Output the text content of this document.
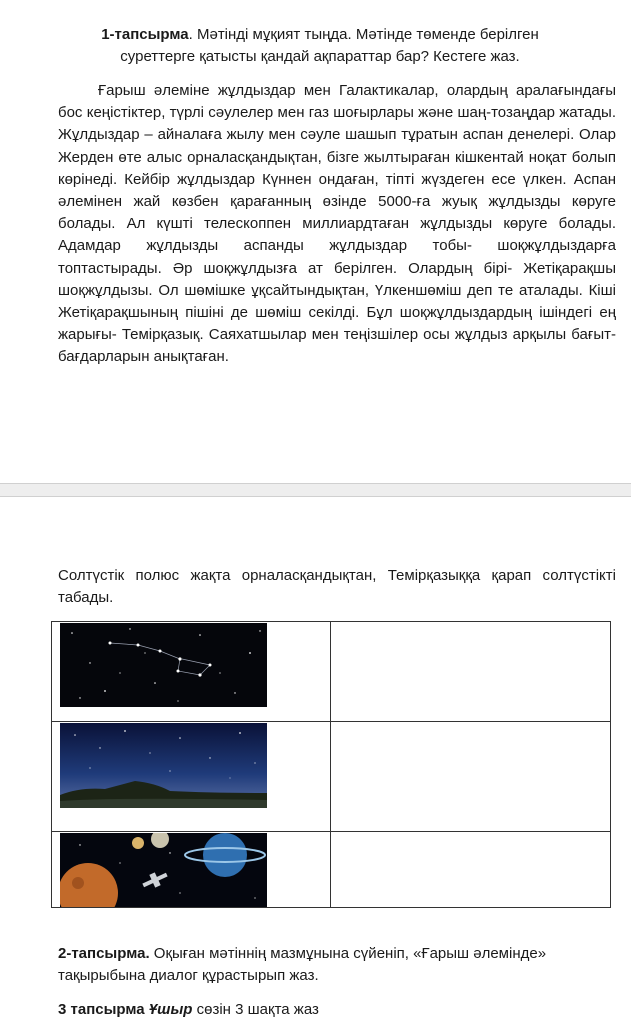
1-тапсырма. Мәтінді мұқият тыңда. Мәтінде төменде берілген суреттерге қатысты қандай ақпараттар бар? Кестеге жаз.
Ғарыш әлеміне жұлдыздар мен Галактикалар, олардың аралағындағы бос кеңістіктер, түрлі сәулелер мен газ шоғырлары және шаң-тозаңдар жатады. Жұлдыздар – айналаға жылу мен сәуле шашып тұратын аспан денелері. Олар Жерден өте алыс орналасқандықтан, бізге жылтыраған кішкентай ноқат болып көрінеді. Кейбір жұлдыздар Күннен ондаған, тіпті жүздеген есе үлкен. Аспан әлемінен жай көзбен қарағанның өзінде 5000-ға жуық жұлдызды көруге болады. Ал күшті телескоппен миллиардтаған жұлдызды көруге болады. Адамдар жұлдызды аспанды жұлдыздар тобы- шоқжұлдыздарға топтастырады. Әр шоқжұлдызға ат берілген. Олардың бірі- Жетіқарақшы шоқжұлдызы. Ол шөмішке ұқсайтындықтан, Үлкеншөміш деп те аталады. Кіші Жетіқарақшының пішіні де шөміш секілді. Бұл шоқжұлдыздардың ішіндегі ең жарығы- Темірқазық. Саяхатшылар мен теңізшілер осы жұлдыз арқылы бағыт-бағдарларын анықтаған.
Солтүстік полюс жақта орналасқандықтан, Темірқазыққа қарап солтүстікті табады.

2-тапсырма. Оқыған мәтіннің мазмұнына сүйеніп, «Ғарыш әлемінде» тақырыбына диалог құрастырып жаз.
3 тапсырма Ұшыр сөзін 3 шақта жаз
